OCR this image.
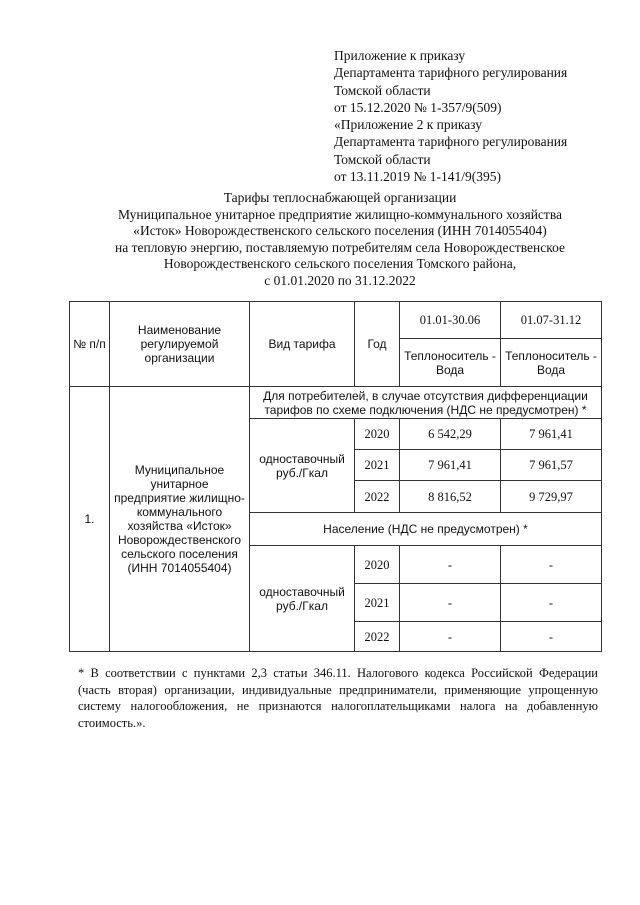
Приложение к приказу
Департамента тарифного регулирования
Томской области
от 15.12.2020 № 1-357/9(509)
«Приложение 2 к приказу
Департамента тарифного регулирования
Томской области
от 13.11.2019 № 1-141/9(395)
Тарифы теплоснабжающей организации
Муниципальное унитарное предприятие жилищно-коммунального хозяйства
«Исток» Новорождественского сельского поселения (ИНН 7014055404)
на тепловую энергию, поставляемую потребителям села Новорождественское
Новорождественского сельского поселения Томского района,
с 01.01.2020 по 31.12.2022
№ п/п	Наименование регулируемой организации	Вид тарифа	Год	01.01-30.06	01.07-31.12
				Теплоноситель - Вода	Теплоноситель - Вода
1.	Муниципальное унитарное предприятие жилищно-коммунального хозяйства «Исток» Новорождественского сельского поселения (ИНН 7014055404)	Для потребителей, в случае отсутствия дифференциации тарифов по схеме подключения (НДС не предусмотрен) *			
		одноставочный руб./Гкал	2020	6 542,29	7 961,41
			2021	7 961,41	7 961,57
			2022	8 816,52	9 729,97
		Население (НДС не предусмотрен) *			
		одноставочный руб./Гкал	2020	-	-
			2021	-	-
			2022	-	-
* В соответствии с пунктами 2,3 статьи 346.11. Налогового кодекса Российской Федерации (часть вторая) организации, индивидуальные предприниматели, применяющие упрощенную систему налогообложения, не признаются налогоплательщиками налога на добавленную стоимость.».
